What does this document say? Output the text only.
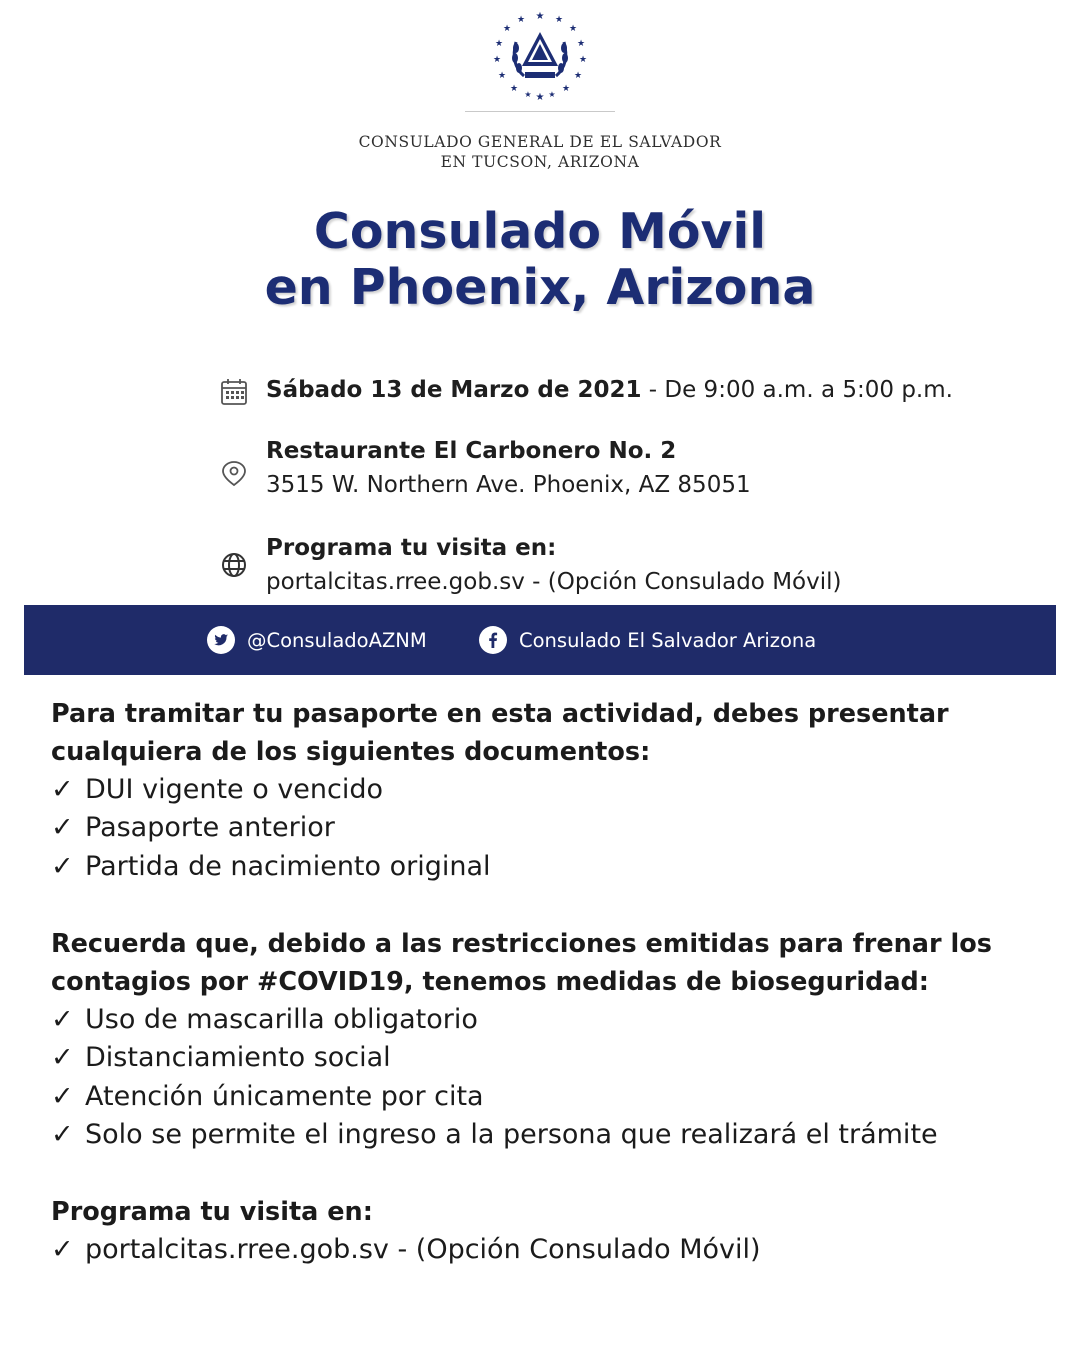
★ ★
★
★
★
★
★
★
★
★
★
★
★
★
★ ★
CONSULADO GENERAL DE EL SALVADOR
EN TUCSON, ARIZONA
Consulado Móvil
en Phoenix, Arizona
Sábado 13 de Marzo de 2021 - De 9:00 a.m. a 5:00 p.m.
Restaurante El Carbonero No. 2
3515 W. Northern Ave. Phoenix, AZ 85051
Programa tu visita en:
portalcitas.rree.gob.sv - (Opción Consulado Móvil)
@ConsuladoAZNM	Consulado El Salvador Arizona
Para tramitar tu pasaporte en esta actividad, debes presentar
cualquiera de los siguientes documentos:
✓ DUI vigente o vencido
✓ Pasaporte anterior
✓ Partida de nacimiento original
Recuerda que, debido a las restricciones emitidas para frenar los
contagios por #COVID19, tenemos medidas de bioseguridad:
✓ Uso de mascarilla obligatorio
✓ Distanciamiento social
✓ Atención únicamente por cita
✓ Solo se permite el ingreso a la persona que realizará el trámite
Programa tu visita en:
✓ portalcitas.rree.gob.sv - (Opción Consulado Móvil)
